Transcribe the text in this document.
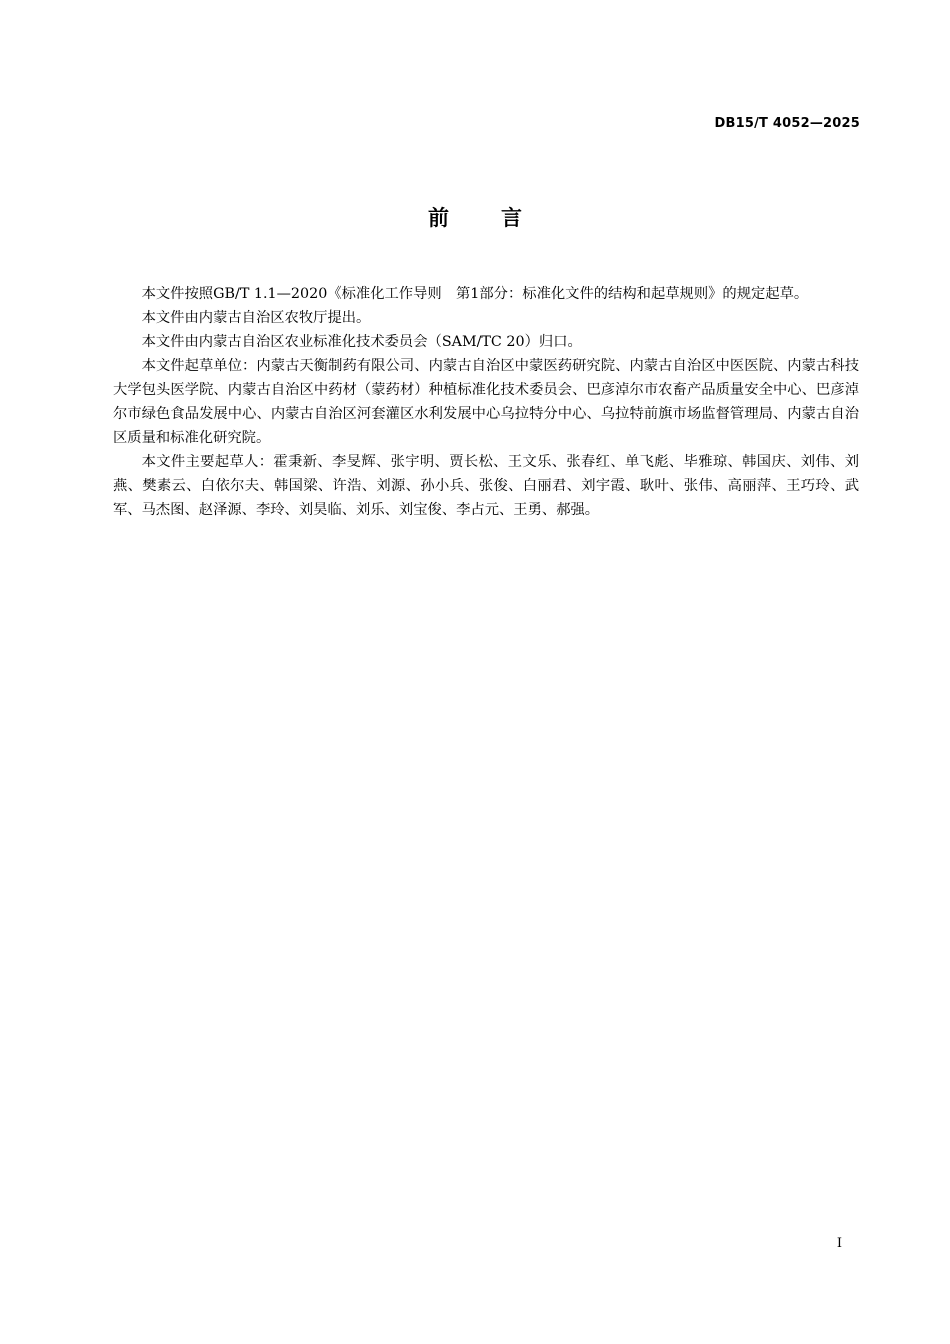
DB15/T 4052—2025
前言

本文件按照GB/T 1.1—2020《标准化工作导则　第1部分：标准化文件的结构和起草规则》的规定起草。

本文件由内蒙古自治区农牧厅提出。

本文件由内蒙古自治区农业标准化技术委员会（SAM/TC 20）归口。

本文件起草单位：内蒙古天衡制药有限公司、内蒙古自治区中蒙医药研究院、内蒙古自治区中医医院、内蒙古科技大学包头医学院、内蒙古自治区中药材（蒙药材）种植标准化技术委员会、巴彦淖尔市农畜产品质量安全中心、巴彦淖尔市绿色食品发展中心、内蒙古自治区河套灌区水利发展中心乌拉特分中心、乌拉特前旗市场监督管理局、内蒙古自治区质量和标准化研究院。

本文件主要起草人：霍秉新、李旻辉、张宇明、贾长松、王文乐、张春红、单飞彪、毕雅琼、韩国庆、刘伟、刘燕、樊素云、白依尔夫、韩国梁、许浩、刘源、孙小兵、张俊、白丽君、刘宇霞、耿叶、张伟、高丽萍、王巧玲、武军、马杰图、赵泽源、李玲、刘昊临、刘乐、刘宝俊、李占元、王勇、郝强。

I
